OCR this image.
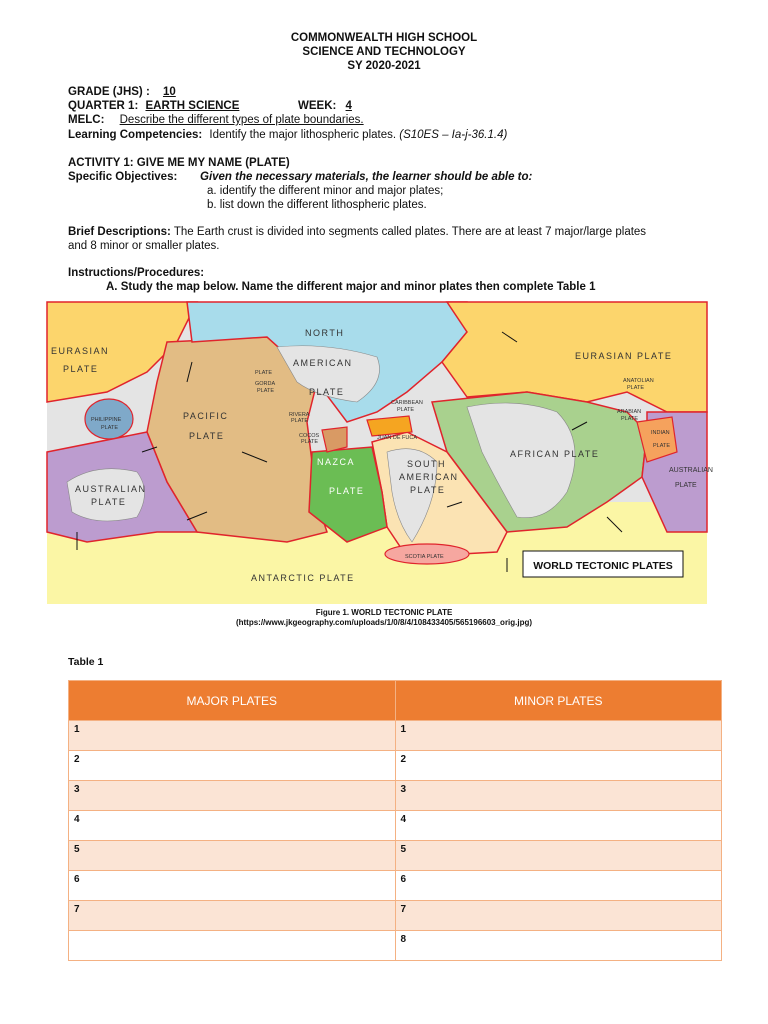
COMMONWEALTH HIGH SCHOOL
SCIENCE AND TECHNOLOGY
SY 2020-2021
GRADE (JHS) : 10
QUARTER 1: EARTH SCIENCE	WEEK: 4
MELC: Describe the different types of plate boundaries.
Learning Competencies: Identify the major lithospheric plates. (S10ES – Ia-j-36.1.4)
ACTIVITY 1: GIVE ME MY NAME (PLATE)
Specific Objectives: Given the necessary materials, the learner should be able to:
a. identify the different minor and major plates;
b. list down the different lithospheric plates.
Brief Descriptions: The Earth crust is divided into segments called plates. There are at least 7 major/large plates
and 8 minor or smaller plates.
Instructions/Procedures:
A. Study the map below. Name the different major and minor plates then complete Table 1
EURASIAN
PLATE
NORTH
AMERICAN
PLATE
EURASIAN PLATE
PACIFIC
PLATE
NAZCA
PLATE
SOUTH
AMERICAN
PLATE
AFRICAN PLATE
AUSTRALIAN
PLATE
ANTARCTIC PLATE
PHILIPPINE
PLATE
PLATE
GORDA
PLATE
RIVERA
PLATE
COCOS
PLATE
CARIBBEAN
PLATE
JUAN DE FUCA
ANATOLIAN
PLATE
ARABIAN
PLATE
INDIAN
PLATE
SCOTIA PLATE
AUSTRALIAN
PLATE
WORLD TECTONIC PLATES
Figure 1. WORLD TECTONIC PLATE
(https://www.jkgeography.com/uploads/1/0/8/4/108433405/565196603_orig.jpg)
Table 1
MAJOR PLATES	MINOR PLATES
1	1
2	2
3	3
4	4
5	5
6	6
7	7
	8
